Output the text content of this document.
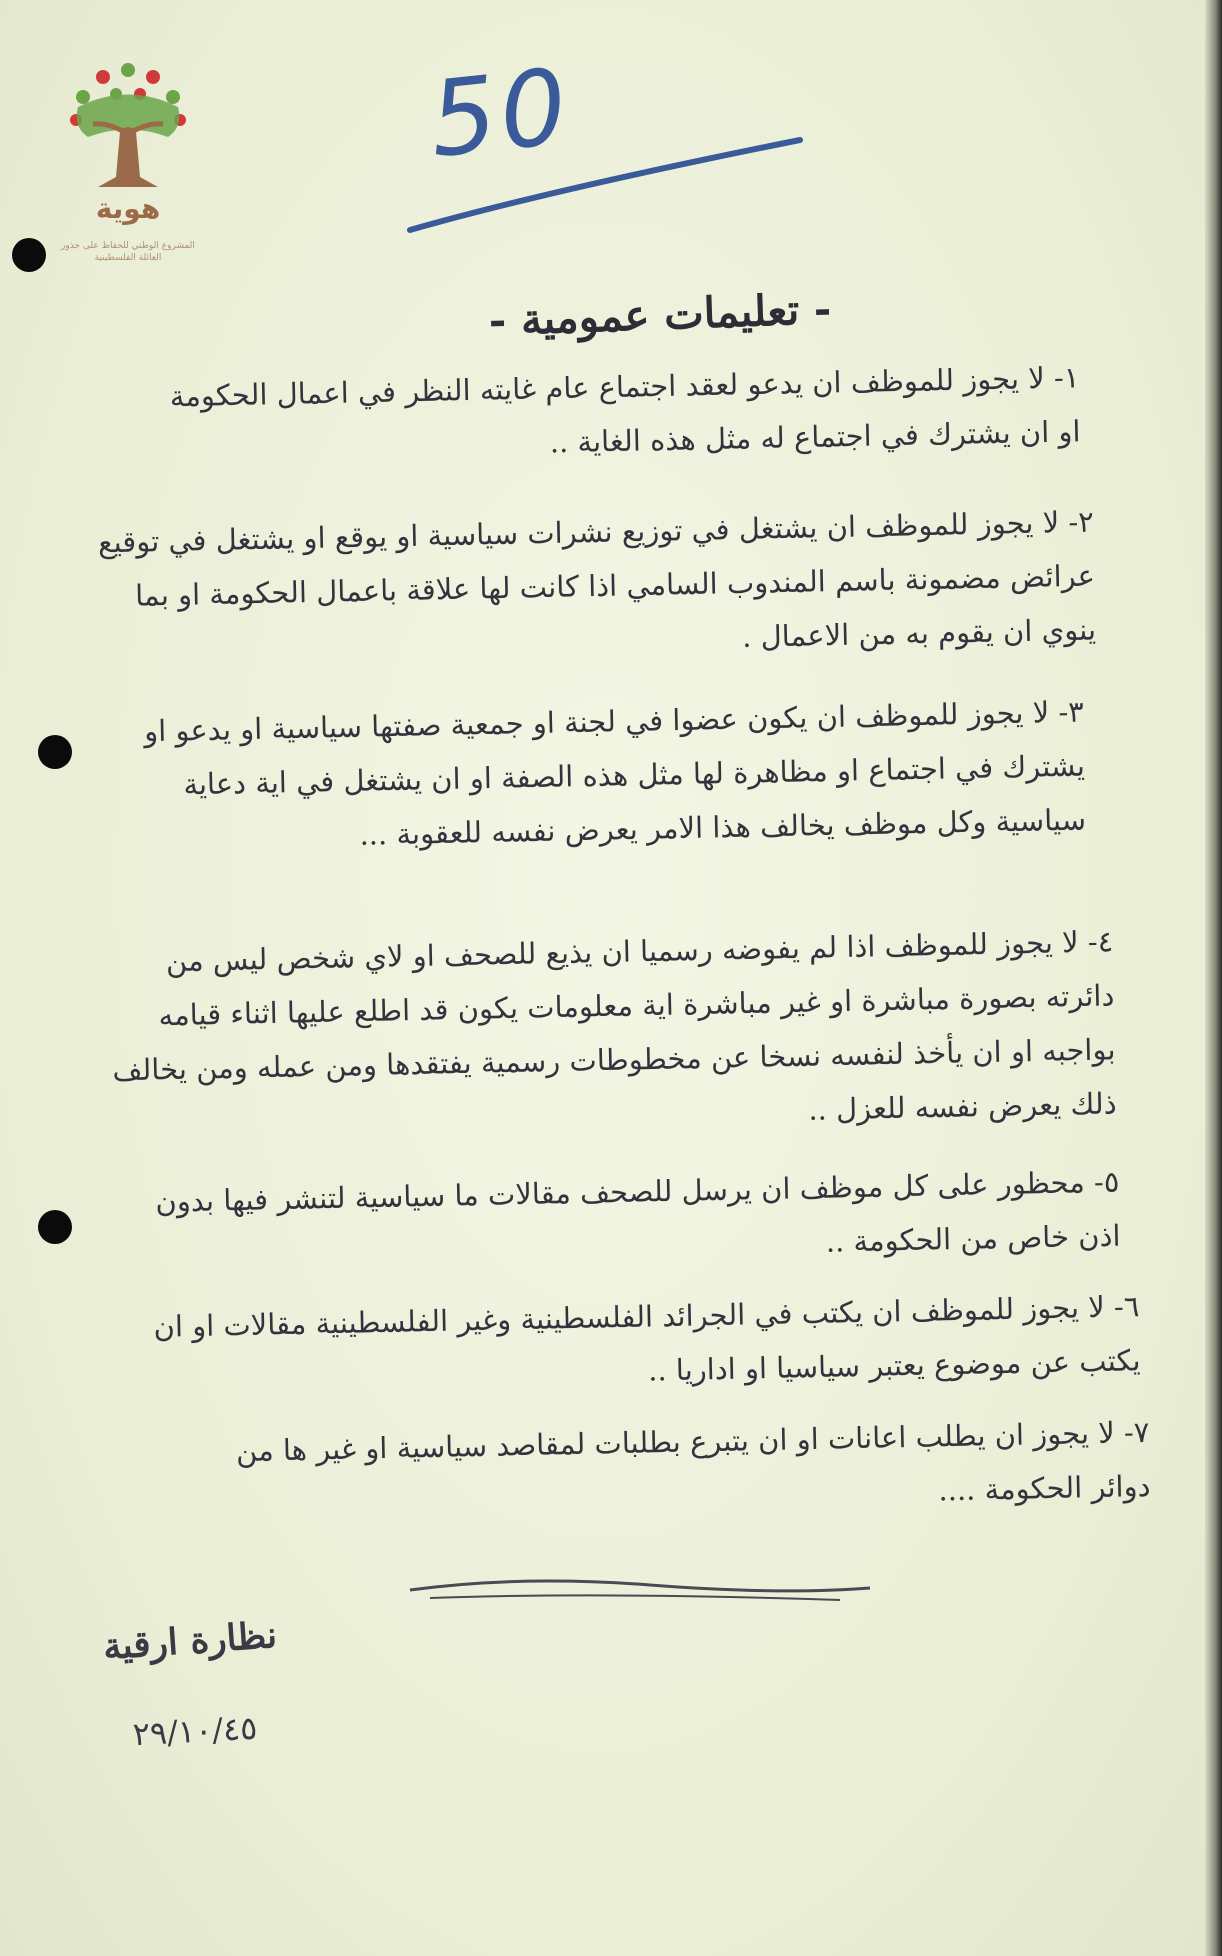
هوية
المشروع الوطني للحفاظ على جذور العائلة الفلسطينية
50
- تعليمات عمومية -
١- لا يجوز للموظف ان يدعو لعقد اجتماع عام غايته النظر في اعمال الحكومة او ان يشترك في اجتماع له مثل هذه الغاية ..
٢- لا يجوز للموظف ان يشتغل في توزيع نشرات سياسية او يوقع او يشتغل في توقيع عرائض مضمونة باسم المندوب السامي اذا كانت لها علاقة باعمال الحكومة او بما ينوي ان يقوم به من الاعمال .
٣- لا يجوز للموظف ان يكون عضوا في لجنة او جمعية صفتها سياسية او يدعو او يشترك في اجتماع او مظاهرة لها مثل هذه الصفة او ان يشتغل في اية دعاية سياسية وكل موظف يخالف هذا الامر يعرض نفسه للعقوبة ...
٤- لا يجوز للموظف اذا لم يفوضه رسميا ان يذيع للصحف او لاي شخص ليس من دائرته بصورة مباشرة او غير مباشرة اية معلومات يكون قد اطلع عليها اثناء قيامه بواجبه او ان يأخذ لنفسه نسخا عن مخطوطات رسمية يفتقدها ومن عمله ومن يخالف ذلك يعرض نفسه للعزل ..
٥- محظور على كل موظف ان يرسل للصحف مقالات ما سياسية لتنشر فيها بدون اذن خاص من الحكومة ..
٦- لا يجوز للموظف ان يكتب في الجرائد الفلسطينية وغير الفلسطينية مقالات او ان يكتب عن موضوع يعتبر سياسيا او اداريا ..
٧- لا يجوز ان يطلب اعانات او ان يتبرع بطلبات لمقاصد سياسية او غير ها من دوائر الحكومة ....
نظارة ارقية
٢٩/١٠/٤٥
